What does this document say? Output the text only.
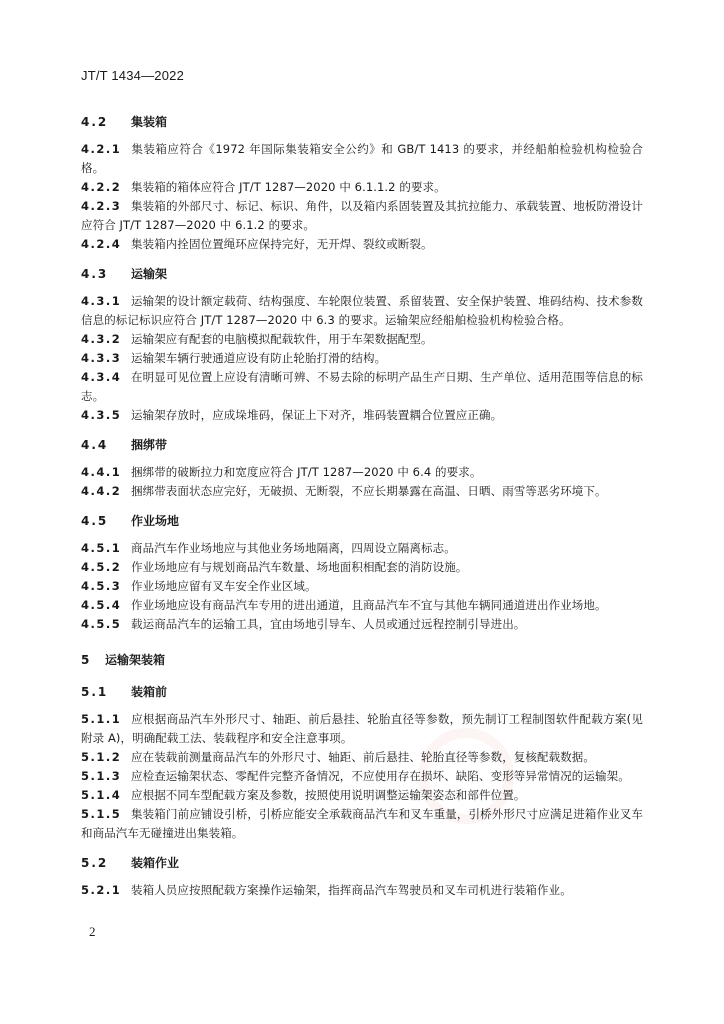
JT/T 1434—2022
4.2 集装箱
4.2.1 集装箱应符合《1972 年国际集装箱安全公约》和 GB/T 1413 的要求，并经船舶检验机构检验合格。
4.2.2 集装箱的箱体应符合 JT/T 1287—2020 中 6.1.1.2 的要求。
4.2.3 集装箱的外部尺寸、标记、标识、角件，以及箱内系固装置及其抗拉能力、承载装置、地板防滑设计应符合 JT/T 1287—2020 中 6.1.2 的要求。
4.2.4 集装箱内拴固位置绳环应保持完好，无开焊、裂纹或断裂。
4.3 运输架
4.3.1 运输架的设计额定载荷、结构强度、车轮限位装置、系留装置、安全保护装置、堆码结构、技术参数信息的标记标识应符合 JT/T 1287—2020 中 6.3 的要求。运输架应经船舶检验机构检验合格。
4.3.2 运输架应有配套的电脑模拟配载软件，用于车架数据配型。
4.3.3 运输架车辆行驶通道应设有防止轮胎打滑的结构。
4.3.4 在明显可见位置上应设有清晰可辨、不易去除的标明产品生产日期、生产单位、适用范围等信息的标志。
4.3.5 运输架存放时，应成垛堆码，保证上下对齐，堆码装置耦合位置应正确。
4.4 捆绑带
4.4.1 捆绑带的破断拉力和宽度应符合 JT/T 1287—2020 中 6.4 的要求。
4.4.2 捆绑带表面状态应完好，无破损、无断裂，不应长期暴露在高温、日晒、雨雪等恶劣环境下。
4.5 作业场地
4.5.1 商品汽车作业场地应与其他业务场地隔离，四周设立隔离标志。
4.5.2 作业场地应有与规划商品汽车数量、场地面积相配套的消防设施。
4.5.3 作业场地应留有叉车安全作业区域。
4.5.4 作业场地应设有商品汽车专用的进出通道，且商品汽车不宜与其他车辆同通道进出作业场地。
4.5.5 载运商品汽车的运输工具，宜由场地引导车、人员或通过远程控制引导进出。
5 运输架装箱
5.1 装箱前
5.1.1 应根据商品汽车外形尺寸、轴距、前后悬挂、轮胎直径等参数，预先制订工程制图软件配载方案(见附录 A)，明确配载工法、装载程序和安全注意事项。
5.1.2 应在装载前测量商品汽车的外形尺寸、轴距、前后悬挂、轮胎直径等参数，复核配载数据。
5.1.3 应检查运输架状态、零配件完整齐备情况，不应使用存在损坏、缺陷、变形等异常情况的运输架。
5.1.4 应根据不同车型配载方案及参数，按照使用说明调整运输架姿态和部件位置。
5.1.5 集装箱门前应铺设引桥，引桥应能安全承载商品汽车和叉车重量，引桥外形尺寸应满足进箱作业叉车和商品汽车无碰撞进出集装箱。
5.2 装箱作业
5.2.1 装箱人员应按照配载方案操作运输架，指挥商品汽车驾驶员和叉车司机进行装箱作业。
2
